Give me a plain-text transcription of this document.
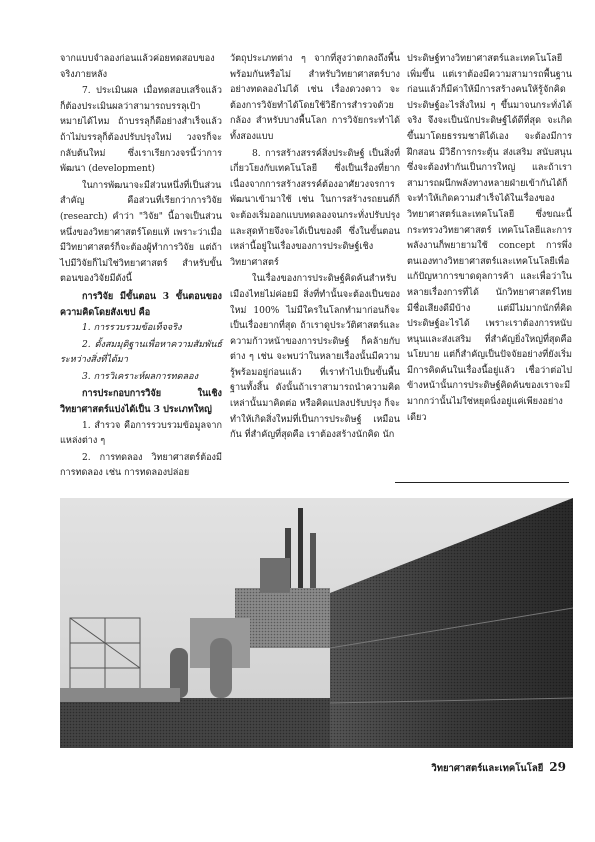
จากแบบจำลองก่อนแล้วค่อยทดสอบของจริงภายหลัง

7. ประเมินผล เมื่อทดสอบเสร็จแล้วก็ต้องประเมินผลว่าสามารถบรรลุเป้าหมายได้ไหม ถ้าบรรลุก็ดีอย่างสำเร็จแล้ว ถ้าไม่บรรลุก็ต้องปรับปรุงใหม่ วงจรก็จะกลับต้นใหม่ ซึ่งเราเรียกวงจรนี้ว่าการพัฒนา (development)

ในการพัฒนาจะมีส่วนหนึ่งที่เป็นส่วนสำคัญ คือส่วนที่เรียกว่าการวิจัย (research) คำว่า "วิจัย" นี้อาจเป็นส่วนหนึ่งของวิทยาศาสตร์โดยแท้ เพราะว่าเมื่อมีวิทยาศาสตร์ก็จะต้องผู้ทำการวิจัย แต่ถ้าไปมีวิจัยก็ไม่ใช่วิทยาศาสตร์ สำหรับขั้นตอนของวิจัยมีดังนี้

การวิจัย มีขั้นตอน 3 ขั้นตอนของความคิดโดยสังเขป คือ

1. การรวบรวมข้อเท็จจริง

2. ตั้งสมมุติฐานเพื่อหาความสัมพันธ์ระหว่างสิ่งที่ได้มา

3. การวิเคราะห์ผลการทดลอง

การประกอบการวิจัย ในเชิงวิทยาศาสตร์แบ่งได้เป็น 3 ประเภทใหญ่

1. สำรวจ คือการรวบรวมข้อมูลจากแหล่งต่าง ๆ

2. การทดลอง วิทยาศาสตร์ต้องมีการทดลอง เช่น การทดลองปล่อย

วัตถุประเภทต่าง ๆ จากที่สูงว่าตกลงถึงพื้นพร้อมกันหรือไม่ สำหรับวิทยาศาสตร์บางอย่างทดลองไม่ได้ เช่น เรื่องดวงดาว จะต้องการวิจัยทำได้โดยใช้วิธีการสำรวจด้วยกล้อง สำหรับบางพื้นโลก การวิจัยกระทำได้ทั้งสองแบบ

8. การสร้างสรรค์สิ่งประดิษฐ์ เป็นสิ่งที่เกี่ยวโยงกับเทคโนโลยี ซึ่งเป็นเรื่องที่ยาก เนื่องจากการสร้างสรรค์ต้องอาศัยวงจรการพัฒนาเข้ามาใช้ เช่น ในการสร้างรถยนต์ก็จะต้องเริ่มออกแบบทดลองจนกระทั่งปรับปรุง และสุดท้ายจึงจะได้เป็นของดี ซึ่งในขั้นตอนเหล่านี้อยู่ในเรื่องของการประดิษฐ์เชิงวิทยาศาสตร์

ในเรื่องของการประดิษฐ์คิดค้นสำหรับเมืองไทยไม่ค่อยมี สิ่งที่ทำนั้นจะต้องเป็นของใหม่ 100% ไม่มีใครในโลกทำมาก่อนก็จะเป็นเรื่องยากที่สุด ถ้าเราดูประวัติศาสตร์และความก้าวหน้าของการประดิษฐ์ ก็คล้ายกับต่าง ๆ เช่น จะพบว่าในหลายเรื่องนั้นมีความรู้พร้อมอยู่ก่อนแล้ว ที่เราทำไปเป็นขั้นพื้นฐานทั้งสิ้น ดังนั้นถ้าเราสามารถนำความคิดเหล่านั้นมาคิดต่อ หรือคิดแปลงปรับปรุง ก็จะทำให้เกิดสิ่งใหม่ที่เป็นการประดิษฐ์ เหมือนกัน ที่สำคัญที่สุดคือ เราต้องสร้างนักคิด นัก

ประดิษฐ์ทางวิทยาศาสตร์และเทคโนโลยีเพิ่มขึ้น แต่เราต้องมีความสามารถพื้นฐานก่อนแล้วก็มีค่าให้มีการสร้างคนให้รู้จักคิดประดิษฐ์อะไรสิ่งใหม่ ๆ ขึ้นมาจนกระทั่งได้จริง จึงจะเป็นนักประดิษฐ์ได้ดีที่สุด จะเกิดขึ้นมาโดยธรรมชาติได้เอง จะต้องมีการฝึกสอน มีวิธีการกระตุ้น ส่งเสริม สนับสนุน ซึ่งจะต้องทำกันเป็นการใหญ่ และถ้าเราสามารถผนึกพลังทางหลายฝ่ายเข้ากันได้ก็จะทำให้เกิดความสำเร็จได้ในเรื่องของวิทยาศาสตร์และเทคโนโลยี ซึ่งขณะนี้กระทรวงวิทยาศาสตร์ เทคโนโลยีและการพลังงานก็พยายามใช้ concept การพึ่งตนเองทางวิทยาศาสตร์และเทคโนโลยีเพื่อแก้ปัญหาการขาดดุลการค้า และเพื่อว่าในหลายเรื่องการที่ได้ นักวิทยาศาสตร์ไทยมีชื่อเสียงดีมีบ้าง แต่มีไม่มากนักที่คิดประดิษฐ์อะไรได้ เพราะเราต้องการหนับหนุนและส่งเสริม ที่สำคัญยิ่งใหญ่ที่สุดคือนโยบาย แต่ก็สำคัญเป็นปัจจัยอย่างที่ยังเริ่มมีการคิดค้นในเรื่องนี้อยู่แล้ว เชื่อว่าต่อไปข้างหน้านั้นการประดิษฐ์คิดค้นของเราจะมีมากกว่านั้นไม่ใช่หยุดนิ่งอยู่แค่เพียงอย่างเดียว

วิทยาศาสตร์และเทคโนโลยี 29
